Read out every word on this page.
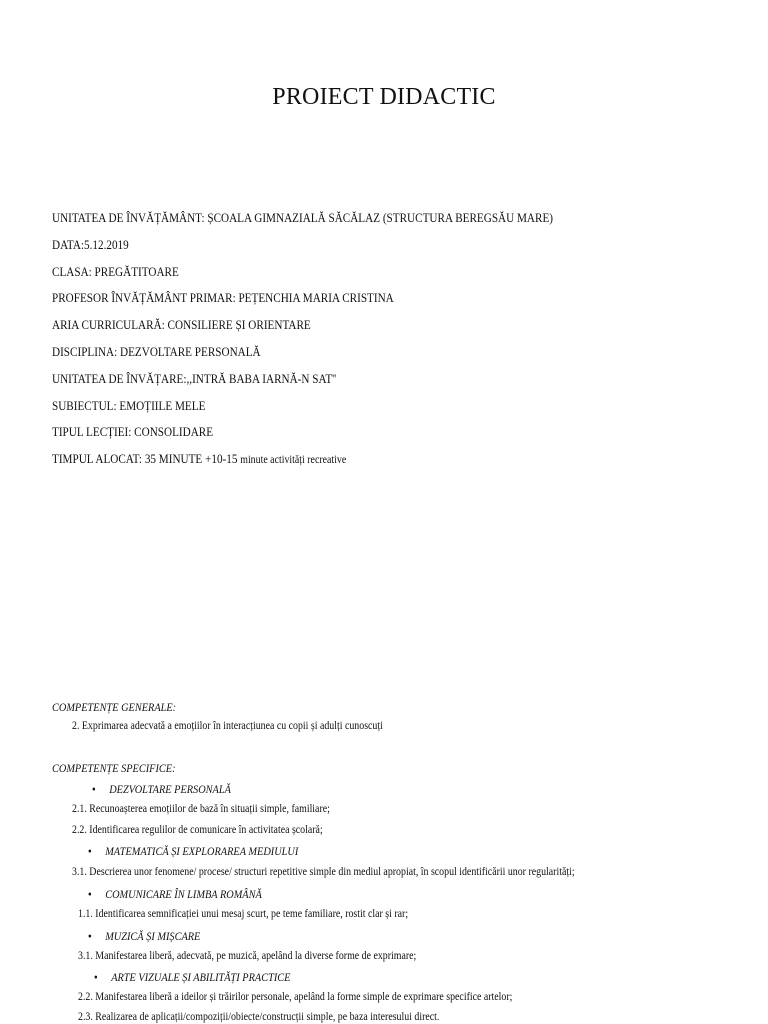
PROIECT DIDACTIC
UNITATEA DE ÎNVĂȚĂMÂNT: ȘCOALA GIMNAZIALĂ SĂCĂLAZ (STRUCTURA BEREGSĂU MARE)
DATA:5.12.2019
CLASA: PREGĂTITOARE
PROFESOR ÎNVĂȚĂMÂNT PRIMAR: PEȚENCHIA MARIA CRISTINA
ARIA CURRICULARĂ: CONSILIERE ȘI ORIENTARE
DISCIPLINA: DEZVOLTARE PERSONALĂ
UNITATEA DE ÎNVĂȚARE:,,INTRĂ BABA IARNĂ-N SAT''
SUBIECTUL: EMOȚIILE MELE
TIPUL LECȚIEI: CONSOLIDARE
TIMPUL ALOCAT: 35 MINUTE +10-15 minute activități recreative
COMPETENȚE GENERALE:
2. Exprimarea adecvată a emoțiilor în interacțiunea cu copii și adulți cunoscuți
COMPETENȚE SPECIFICE:
● DEZVOLTARE PERSONALĂ
2.1. Recunoașterea emoțiilor de bază în situații simple, familiare;
2.2. Identificarea regulilor de comunicare în activitatea școlară;
● MATEMATICĂ ȘI EXPLORAREA MEDIULUI
3.1. Descrierea unor fenomene/ procese/ structuri repetitive simple din mediul apropiat, în scopul identificării unor regularități;
● COMUNICARE ÎN LIMBA ROMÂNĂ
1.1. Identificarea semnificației unui mesaj scurt, pe teme familiare, rostit clar și rar;
● MUZICĂ ȘI MIȘCARE
3.1. Manifestarea liberă, adecvată, pe muzică, apelând la diverse forme de exprimare;
● ARTE VIZUALE ȘI ABILITĂȚI PRACTICE
2.2. Manifestarea liberă a ideilor și trăirilor personale, apelând la forme simple de exprimare specifice artelor;
2.3. Realizarea de aplicații/compoziții/obiecte/construcții simple, pe baza interesului direct.
